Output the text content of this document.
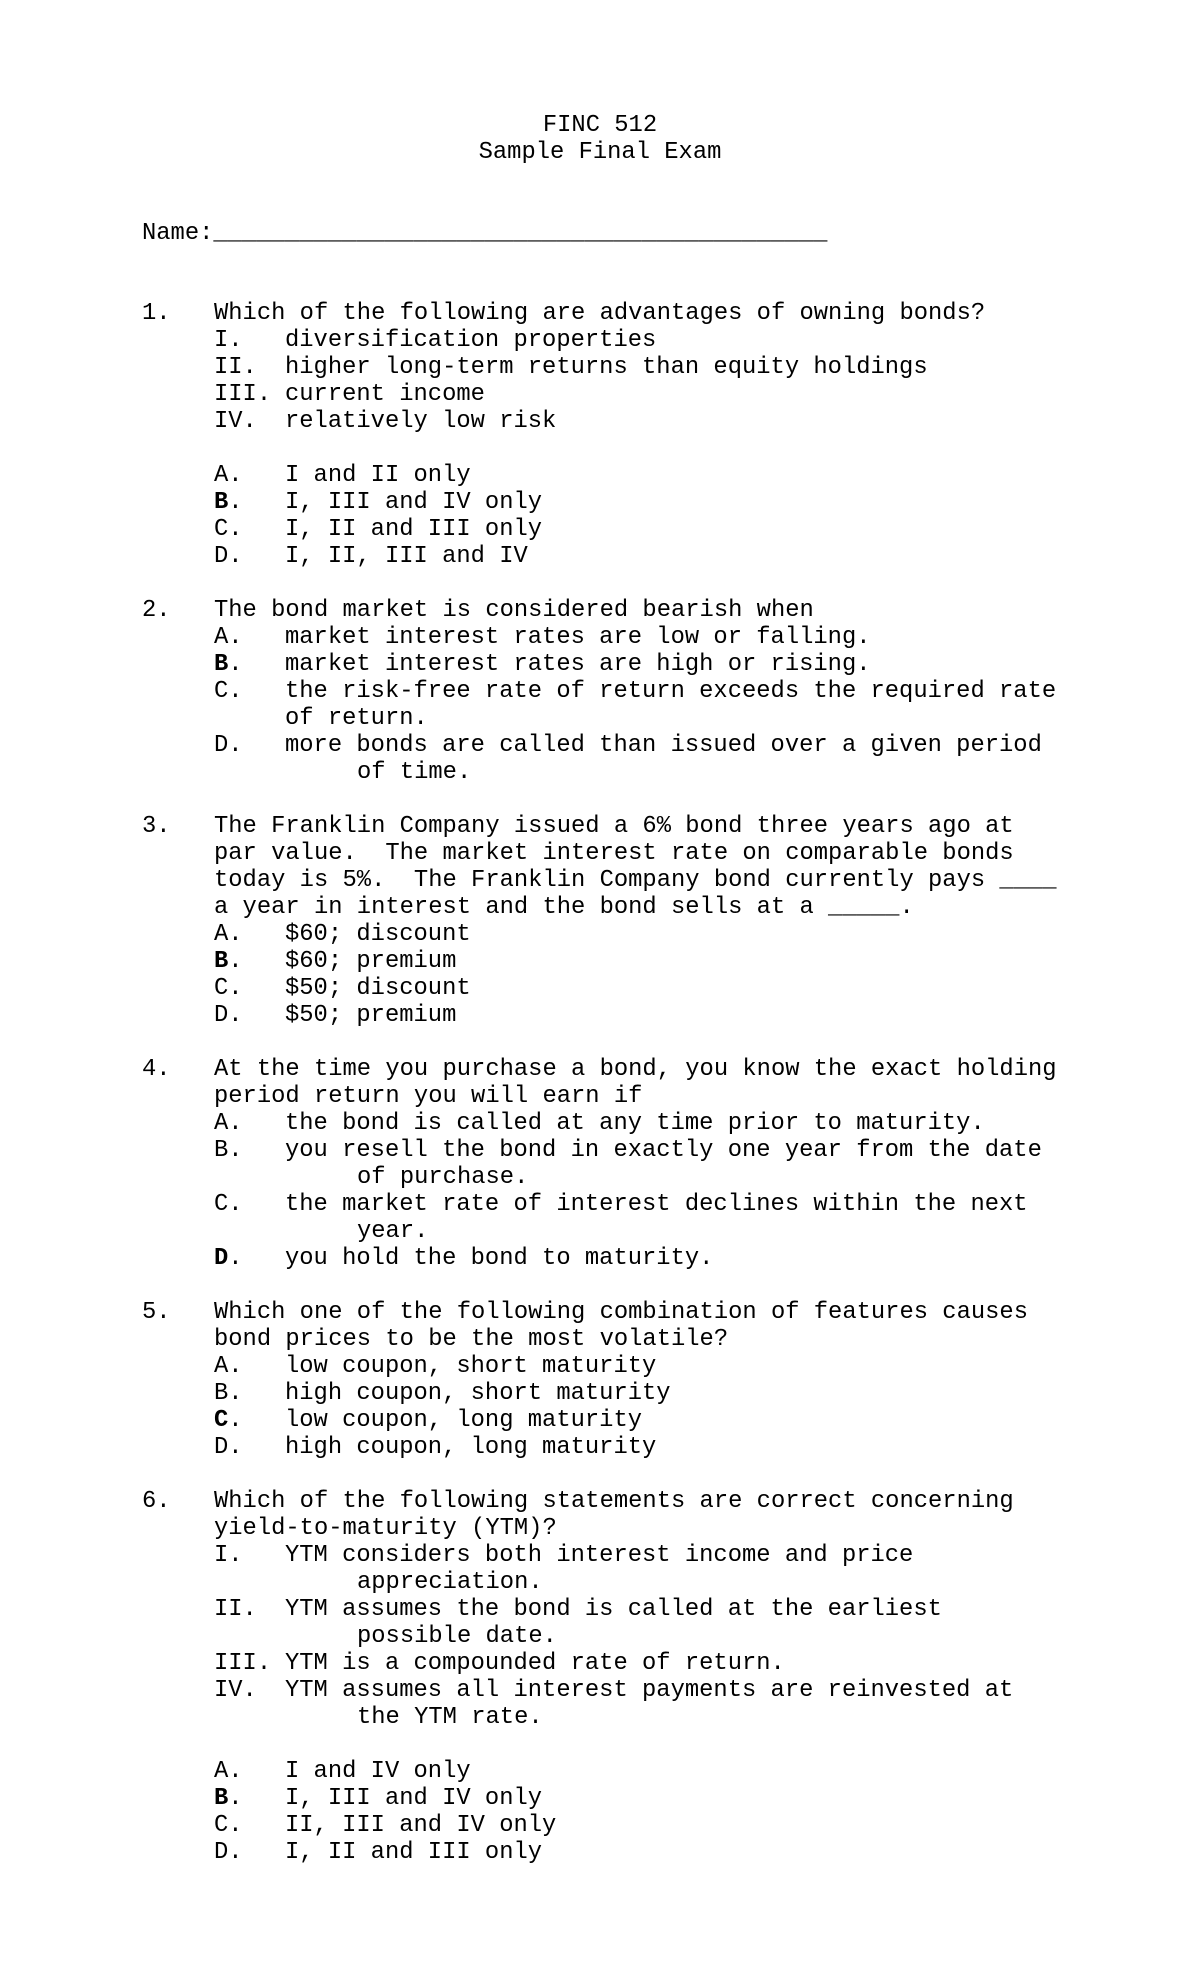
FINC 512
Sample Final Exam
Name:___________________________________________
1. Which of the following are advantages of owning bonds?
I. diversification properties
II. higher long-term returns than equity holdings
III. current income
IV. relatively low risk
A. I and II only
B. I, III and IV only
C. I, II and III only
D. I, II, III and IV
2. The bond market is considered bearish when
A. market interest rates are low or falling.
B. market interest rates are high or rising.
C. the risk-free rate of return exceeds the required rate
of return.
D. more bonds are called than issued over a given period
of time.
3. The Franklin Company issued a 6% bond three years ago at
par value.  The market interest rate on comparable bonds
today is 5%.  The Franklin Company bond currently pays ____
a year in interest and the bond sells at a _____.
A. $60; discount
B. $60; premium
C. $50; discount
D. $50; premium
4. At the time you purchase a bond, you know the exact holding
period return you will earn if
A. the bond is called at any time prior to maturity.
B. you resell the bond in exactly one year from the date
of purchase.
C. the market rate of interest declines within the next
year.
D. you hold the bond to maturity.
5. Which one of the following combination of features causes
bond prices to be the most volatile?
A. low coupon, short maturity
B. high coupon, short maturity
C. low coupon, long maturity
D. high coupon, long maturity
6. Which of the following statements are correct concerning
yield-to-maturity (YTM)?
I. YTM considers both interest income and price
appreciation.
II. YTM assumes the bond is called at the earliest
possible date.
III. YTM is a compounded rate of return.
IV. YTM assumes all interest payments are reinvested at
the YTM rate.
A. I and IV only
B. I, III and IV only
C. II, III and IV only
D. I, II and III only
